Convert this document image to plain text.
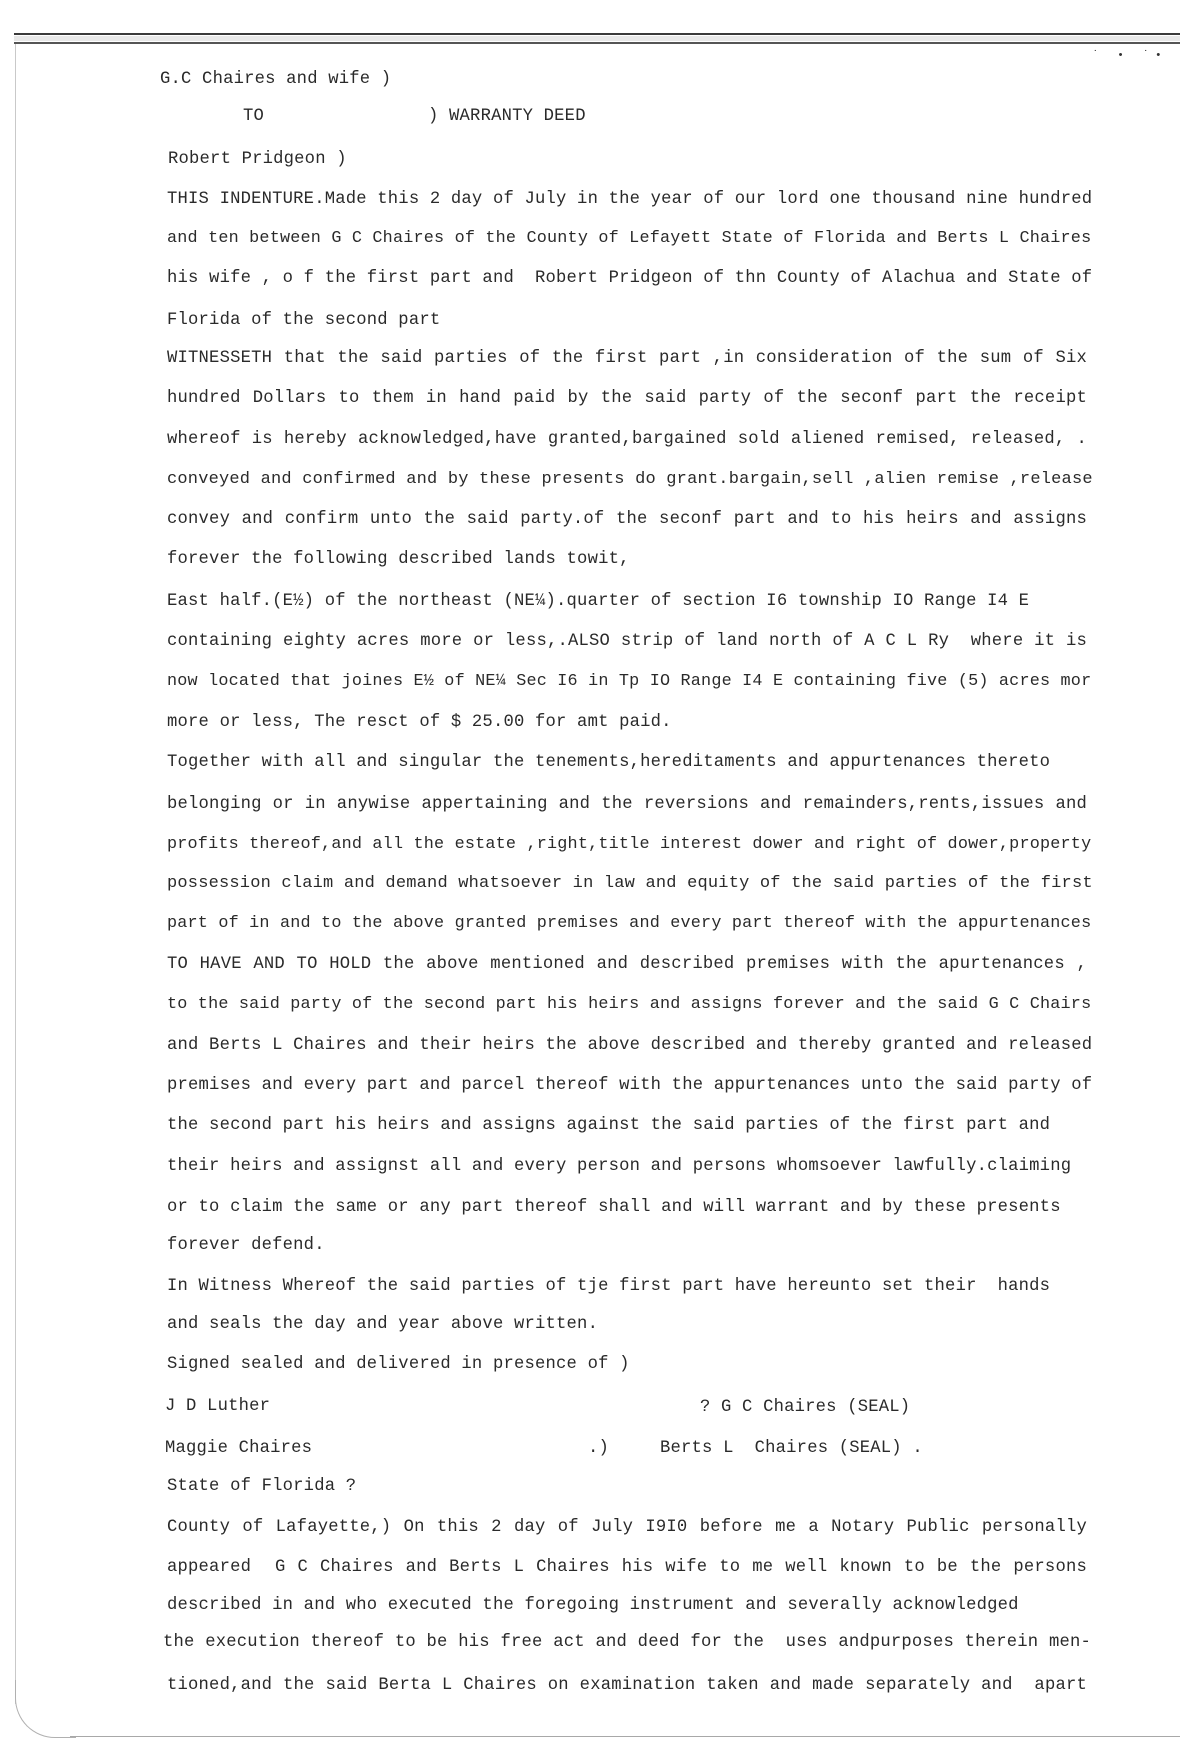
˙ • ˙•
G.C Chaires and wife )
TO	) WARRANTY DEED
Robert Pridgeon )
THIS INDENTURE.Made this 2 day of July in the year of our lord one thousand nine hundred
and ten between G C Chaires of the County of Lefayett State of Florida and Berts L Chaires
his wife , o f the first part and  Robert Pridgeon of thn County of Alachua and State of
Florida of the second part
WITNESSETH that the said parties of the first part ,in consideration of the sum of Six
hundred Dollars to them in hand paid by the said party of the seconf part the receipt
whereof is hereby acknowledged,have granted,bargained sold aliened remised, released, .
conveyed and confirmed and by these presents do grant.bargain,sell ,alien remise ,release
convey and confirm unto the said party.of the seconf part and to his heirs and assigns
forever the following described lands towit,
East half.(E½) of the northeast (NE¼).quarter of section I6 township IO Range I4 E
containing eighty acres more or less,.ALSO strip of land north of A C L Ry  where it is
now located that joines E½ of NE¼ Sec I6 in Tp IO Range I4 E containing five (5) acres mor
more or less, The resct of $ 25.00 for amt paid.
Together with all and singular the tenements,hereditaments and appurtenances thereto
belonging or in anywise appertaining and the reversions and remainders,rents,issues and
profits thereof,and all the estate ,right,title interest dower and right of dower,property
possession claim and demand whatsoever in law and equity of the said parties of the first
part of in and to the above granted premises and every part thereof with the appurtenances
TO HAVE AND TO HOLD the above mentioned and described premises with the apurtenances ,
to the said party of the second part his heirs and assigns forever and the said G C Chairs
and Berts L Chaires and their heirs the above described and thereby granted and released
premises and every part and parcel thereof with the appurtenances unto the said party of
the second part his heirs and assigns against the said parties of the first part and
their heirs and assignst all and every person and persons whomsoever lawfully.claiming
or to claim the same or any part thereof shall and will warrant and by these presents
forever defend.
In Witness Whereof the said parties of tje first part have hereunto set their  hands
and seals the day and year above written.
Signed sealed and delivered in presence of )
J D Luther	? G C Chaires (SEAL)
Maggie Chaires	.)	Berts L  Chaires (SEAL) .
State of Florida ?
County of Lafayette,) On this 2 day of July I9I0 before me a Notary Public personally
appeared  G C Chaires and Berts L Chaires his wife to me well known to be the persons
described in and who executed the foregoing instrument and severally acknowledged
the execution thereof to be his free act and deed for the  uses andpurposes therein men-
tioned,and the said Berta L Chaires on examination taken and made separately and  apart
